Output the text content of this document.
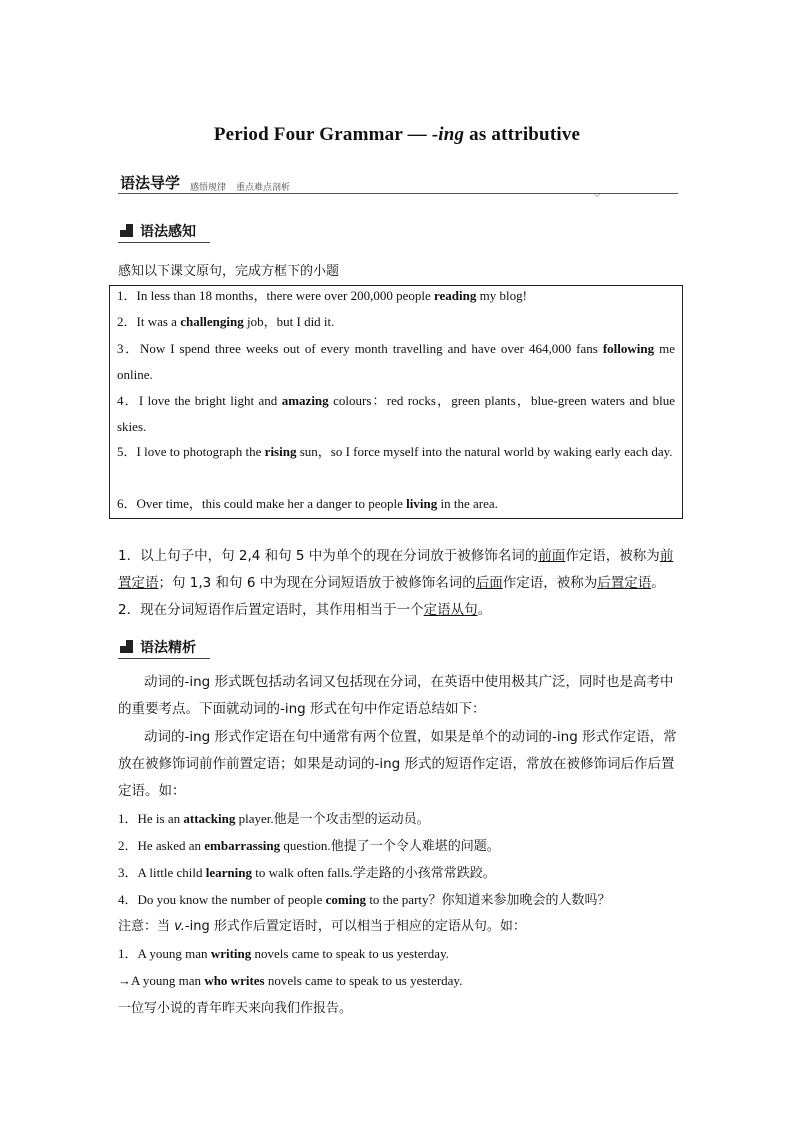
Period Four Grammar — -ing as attributive
语法导学 感悟规律 重点难点剖析
⌵
语法感知
感知以下课文原句，完成方框下的小题
1．In less than 18 months，there were over 200,000 people reading my blog!
2．It was a challenging job，but I did it.
3．Now I spend three weeks out of every month travelling and have over 464,000 fans following me online.
4．I love the bright light and amazing colours：red rocks，green plants，blue-green waters and blue skies.
5．I love to photograph the rising sun，so I force myself into the natural world by waking early each day.
6．Over time，this could make her a danger to people living in the area.
1．以上句子中，句 2,4 和句 5 中为单个的现在分词放于被修饰名词的前面作定语，被称为前置定语；句 1,3 和句 6 中为现在分词短语放于被修饰名词的后面作定语，被称为后置定语。
2．现在分词短语作后置定语时，其作用相当于一个定语从句。
语法精析
动词的-ing 形式既包括动名词又包括现在分词，在英语中使用极其广泛，同时也是高考中的重要考点。下面就动词的-ing 形式在句中作定语总结如下：
动词的-ing 形式作定语在句中通常有两个位置，如果是单个的动词的-ing 形式作定语，常放在被修饰词前作前置定语；如果是动词的-ing 形式的短语作定语，常放在被修饰词后作后置定语。如：
1．He is an attacking player.他是一个攻击型的运动员。
2．He asked an embarrassing question.他提了一个令人难堪的问题。
3．A little child learning to walk often falls.学走路的小孩常常跌跤。
4．Do you know the number of people coming to the party？你知道来参加晚会的人数吗？
注意：当 v.-ing 形式作后置定语时，可以相当于相应的定语从句。如：
1．A young man writing novels came to speak to us yesterday.
→A young man who writes novels came to speak to us yesterday.
一位写小说的青年昨天来向我们作报告。
